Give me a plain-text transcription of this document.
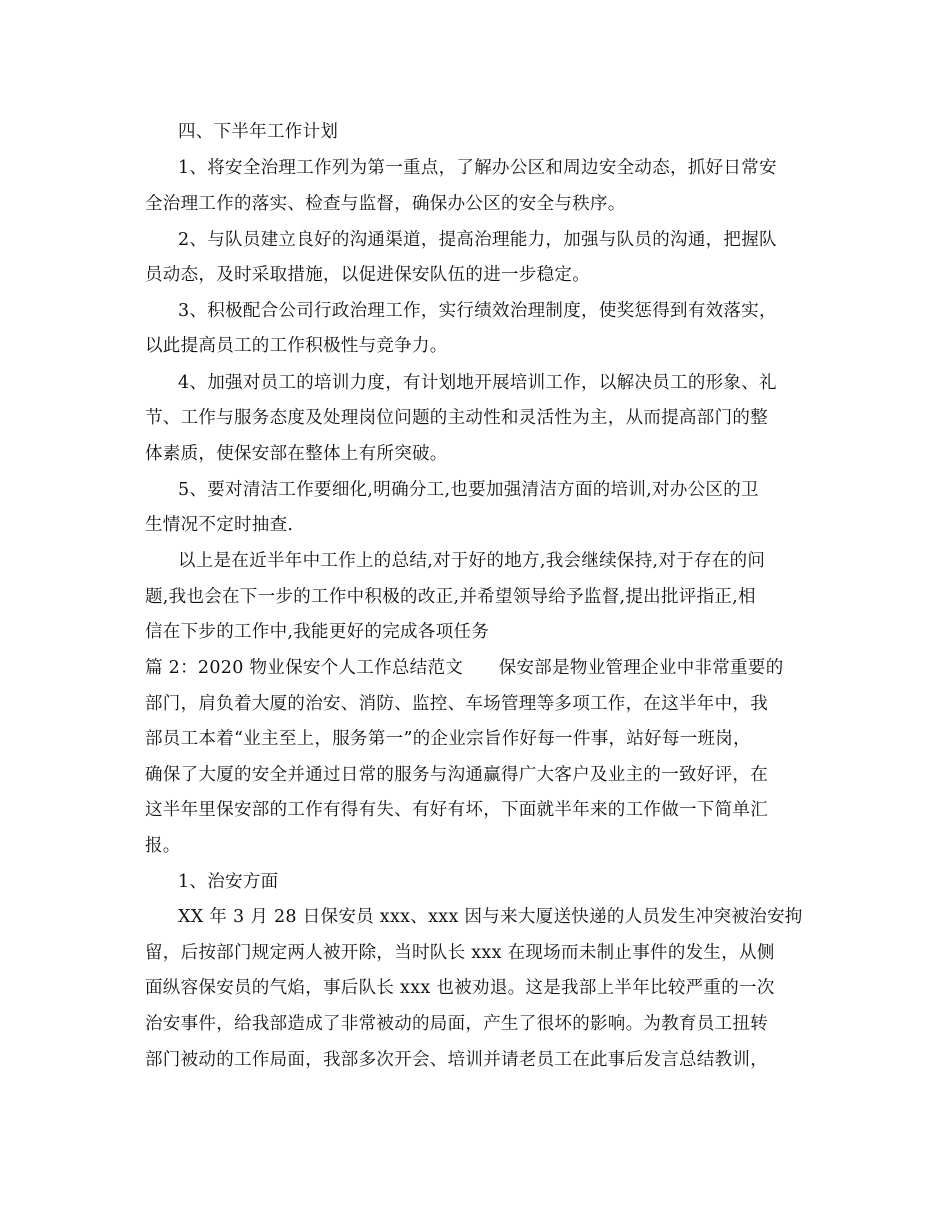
四、下半年工作计划
1、将安全治理工作列为第一重点，了解办公区和周边安全动态，抓好日常安
全治理工作的落实、检查与监督，确保办公区的安全与秩序。
2、与队员建立良好的沟通渠道，提高治理能力，加强与队员的沟通，把握队
员动态，及时采取措施，以促进保安队伍的进一步稳定。
3、积极配合公司行政治理工作，实行绩效治理制度，使奖惩得到有效落实，
以此提高员工的工作积极性与竞争力。
4、加强对员工的培训力度，有计划地开展培训工作，以解决员工的形象、礼
节、工作与服务态度及处理岗位问题的主动性和灵活性为主，从而提高部门的整
体素质，使保安部在整体上有所突破。
5、要对清洁工作要细化,明确分工,也要加强清洁方面的培训,对办公区的卫
生情况不定时抽查.
以上是在近半年中工作上的总结,对于好的地方,我会继续保持,对于存在的问
题,我也会在下一步的工作中积极的改正,并希望领导给予监督,提出批评指正,相
信在下步的工作中,我能更好的完成各项任务
篇 2：2020 物业保安个人工作总结范文　　保安部是物业管理企业中非常重要的
部门，肩负着大厦的治安、消防、监控、车场管理等多项工作，在这半年中，我
部员工本着“业主至上，服务第一”的企业宗旨作好每一件事，站好每一班岗，
确保了大厦的安全并通过日常的服务与沟通赢得广大客户及业主的一致好评，在
这半年里保安部的工作有得有失、有好有坏，下面就半年来的工作做一下简单汇
报。
1、治安方面
XX 年 3 月 28 日保安员 xxx、xxx 因与来大厦送快递的人员发生冲突被治安拘
留，后按部门规定两人被开除，当时队长 xxx 在现场而未制止事件的发生，从侧
面纵容保安员的气焰，事后队长 xxx 也被劝退。这是我部上半年比较严重的一次
治安事件，给我部造成了非常被动的局面，产生了很坏的影响。为教育员工扭转
部门被动的工作局面，我部多次开会、培训并请老员工在此事后发言总结教训，
